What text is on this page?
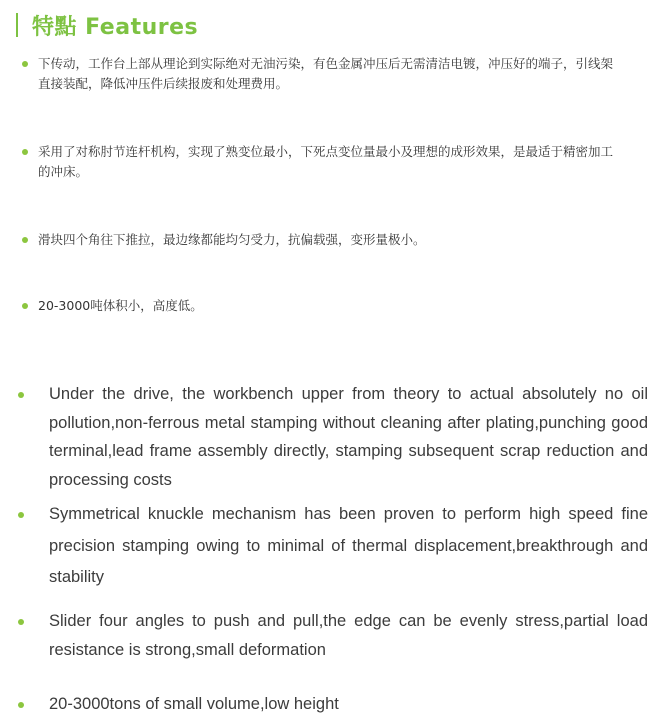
特點 Features
下传动，工作台上部从理论到实际绝对无油污染，有色金属冲压后无需清洁电镀，冲压好的端子，引线架直接装配，降低冲压件后续报废和处理费用。
采用了对称肘节连杆机构，实现了熟变位最小，下死点变位量最小及理想的成形效果，是最适于精密加工的冲床。
滑块四个角往下推拉，最边缘都能均匀受力，抗偏载强，变形量极小。
20-3000吨体积小，高度低。
Under the drive, the workbench upper from theory to actual absolutely no oil pollution,non-ferrous metal stamping without cleaning after plating,punching good terminal,lead frame assembly directly, stamping subsequent scrap reduction and processing costs
Symmetrical knuckle mechanism has been proven to perform high speed fine precision stamping owing to minimal of thermal displacement,breakthrough and stability
Slider four angles to push and pull,the edge can be evenly stress,partial load resistance is strong,small deformation
20-3000tons of small volume,low height
